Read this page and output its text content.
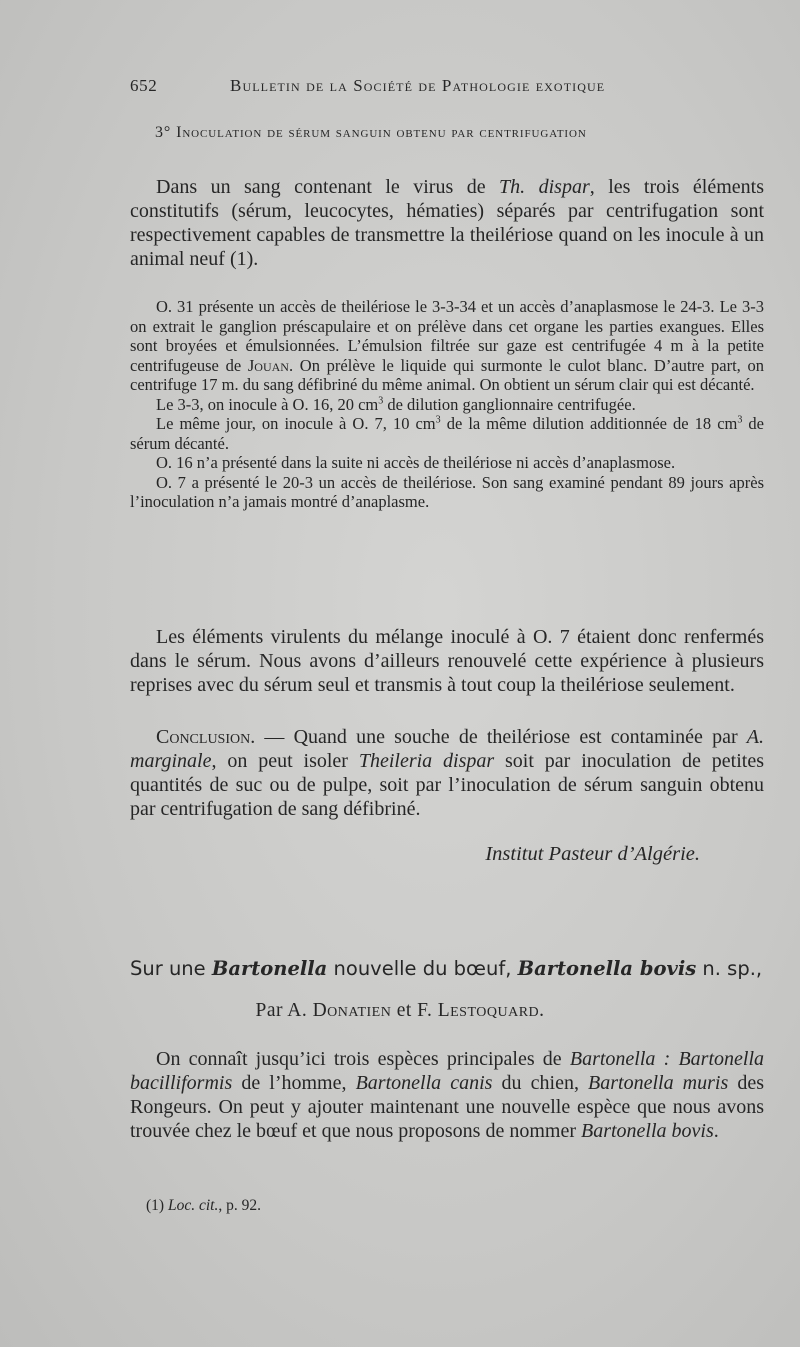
652	Bulletin de la Société de Pathologie exotique
3° Inoculation de sérum sanguin obtenu par centrifugation

Dans un sang contenant le virus de Th. dispar, les trois éléments constitutifs (sérum, leucocytes, hématies) séparés par centrifugation sont respectivement capables de transmettre la theilériose quand on les inocule à un animal neuf (1).

O. 31 présente un accès de theilériose le 3-3-34 et un accès d’anaplasmose le 24-3. Le 3-3 on extrait le ganglion préscapulaire et on prélève dans cet organe les parties exangues. Elles sont broyées et émulsionnées. L’émulsion filtrée sur gaze est centrifugée 4 m à la petite centrifugeuse de Jouan. On prélève le liquide qui surmonte le culot blanc. D’autre part, on centrifuge 17 m. du sang défibriné du même animal. On obtient un sérum clair qui est décanté.

Le 3-3, on inocule à O. 16, 20 $cm^3$ de dilution ganglionnaire centrifugée.

Le même jour, on inocule à O. 7, 10 $cm^3$ de la même dilution additionnée de 18 $cm^3$ de sérum décanté.

O. 16 n’a présenté dans la suite ni accès de theilériose ni accès d’anaplasmose.

O. 7 a présenté le 20-3 un accès de theilériose. Son sang examiné pendant 89 jours après l’inoculation n’a jamais montré d’anaplasme.

Les éléments virulents du mélange inoculé à O. 7 étaient donc renfermés dans le sérum. Nous avons d’ailleurs renouvelé cette expérience à plusieurs reprises avec du sérum seul et transmis à tout coup la theilériose seulement.

Conclusion. — Quand une souche de theilériose est contaminée par A. marginale, on peut isoler Theileria dispar soit par inoculation de petites quantités de suc ou de pulpe, soit par l’inoculation de sérum sanguin obtenu par centrifugation de sang défibriné.

Institut Pasteur d’Algérie.
Sur une Bartonella nouvelle du bœuf, Bartonella bovis n. sp.,
Par A. Donatien et F. Lestoquard.

On connaît jusqu’ici trois espèces principales de Bartonella : Bartonella bacilliformis de l’homme, Bartonella canis du chien, Bartonella muris des Rongeurs. On peut y ajouter maintenant une nouvelle espèce que nous avons trouvée chez le bœuf et que nous proposons de nommer Bartonella bovis.

(1) Loc. cit., p. 92.
